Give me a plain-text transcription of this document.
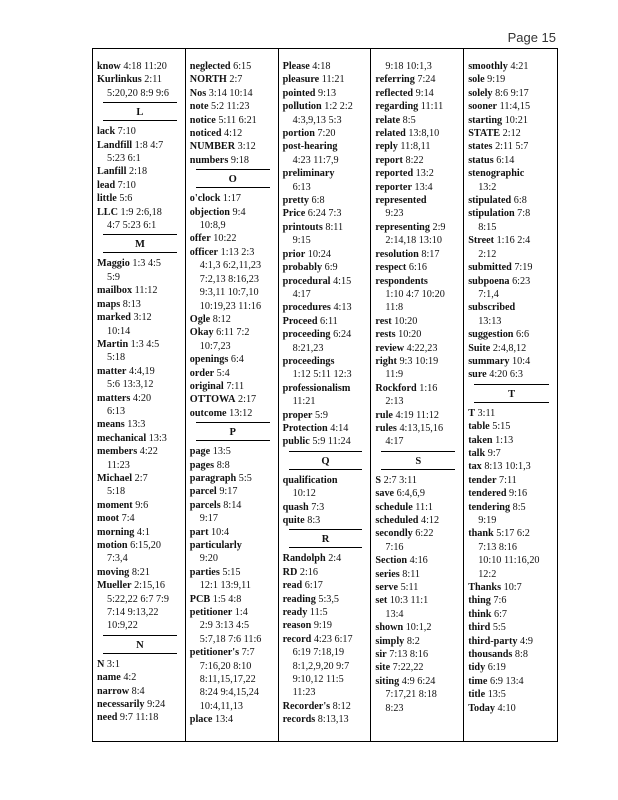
Page 15
know 4:18 11:20
Kurlinkus 2:11
5:20,20 8:9 9:6
L
lack 7:10
Landfill 1:8 4:7
5:23 6:1
Lanfill 2:18
lead 7:10
little 5:6
LLC 1:9 2:6,18
4:7 5:23 6:1
M
Maggio 1:3 4:5
5:9
mailbox 11:12
maps 8:13
marked 3:12
10:14
Martin 1:3 4:5
5:18
matter 4:4,19
5:6 13:3,12
matters 4:20
6:13
means 13:3
mechanical 13:3
members 4:22
11:23
Michael 2:7
5:18
moment 9:6
moot 7:4
morning 4:1
motion 6:15,20
7:3,4
moving 8:21
Mueller 2:15,16
5:22,22 6:7 7:9
7:14 9:13,22
10:9,22
N
N 3:1
name 4:2
narrow 8:4
necessarily 9:24
need 9:7 11:18
neglected 6:15
NORTH 2:7
Nos 3:14 10:14
note 5:2 11:23
notice 5:11 6:21
noticed 4:12
NUMBER 3:12
numbers 9:18
O
o'clock 1:17
objection 9:4
10:8,9
offer 10:22
officer 1:13 2:3
4:1,3 6:2,11,23
7:2,13 8:16,23
9:3,11 10:7,10
10:19,23 11:16
Ogle 8:12
Okay 6:11 7:2
10:7,23
openings 6:4
order 5:4
original 7:11
OTTOWA 2:17
outcome 13:12
P
page 13:5
pages 8:8
paragraph 5:5
parcel 9:17
parcels 8:14
9:17
part 10:4
particularly
9:20
parties 5:15
12:1 13:9,11
PCB 1:5 4:8
petitioner 1:4
2:9 3:13 4:5
5:7,18 7:6 11:6
petitioner's 7:7
7:16,20 8:10
8:11,15,17,22
8:24 9:4,15,24
10:4,11,13
place 13:4
Please 4:18
pleasure 11:21
pointed 9:13
pollution 1:2 2:2
4:3,9,13 5:3
portion 7:20
post-hearing
4:23 11:7,9
preliminary
6:13
pretty 6:8
Price 6:24 7:3
printouts 8:11
9:15
prior 10:24
probably 6:9
procedural 4:15
4:17
procedures 4:13
Proceed 6:11
proceeding 6:24
8:21,23
proceedings
1:12 5:11 12:3
professionalism
11:21
proper 5:9
Protection 4:14
public 5:9 11:24
Q
qualification
10:12
quash 7:3
quite 8:3
R
Randolph 2:4
RD 2:16
read 6:17
reading 5:3,5
ready 11:5
reason 9:19
record 4:23 6:17
6:19 7:18,19
8:1,2,9,20 9:7
9:10,12 11:5
11:23
Recorder's 8:12
records 8:13,13
9:18 10:1,3
referring 7:24
reflected 9:14
regarding 11:11
relate 8:5
related 13:8,10
reply 11:8,11
report 8:22
reported 13:2
reporter 13:4
represented
9:23
representing 2:9
2:14,18 13:10
resolution 8:17
respect 6:16
respondents
1:10 4:7 10:20
11:8
rest 10:20
rests 10:20
review 4:22,23
right 9:3 10:19
11:9
Rockford 1:16
2:13
rule 4:19 11:12
rules 4:13,15,16
4:17
S
S 2:7 3:11
save 6:4,6,9
schedule 11:1
scheduled 4:12
secondly 6:22
7:16
Section 4:16
series 8:11
serve 5:11
set 10:3 11:1
13:4
shown 10:1,2
simply 8:2
sir 7:13 8:16
site 7:22,22
siting 4:9 6:24
7:17,21 8:18
8:23
smoothly 4:21
sole 9:19
solely 8:6 9:17
sooner 11:4,15
starting 10:21
STATE 2:12
states 2:11 5:7
status 6:14
stenographic
13:2
stipulated 6:8
stipulation 7:8
8:15
Street 1:16 2:4
2:12
submitted 7:19
subpoena 6:23
7:1,4
subscribed
13:13
suggestion 6:6
Suite 2:4,8,12
summary 10:4
sure 4:20 6:3
T
T 3:11
table 5:15
taken 1:13
talk 9:7
tax 8:13 10:1,3
tender 7:11
tendered 9:16
tendering 8:5
9:19
thank 5:17 6:2
7:13 8:16
10:10 11:16,20
12:2
Thanks 10:7
thing 7:6
think 6:7
third 5:5
third-party 4:9
thousands 8:8
tidy 6:19
time 6:9 13:4
title 13:5
Today 4:10
